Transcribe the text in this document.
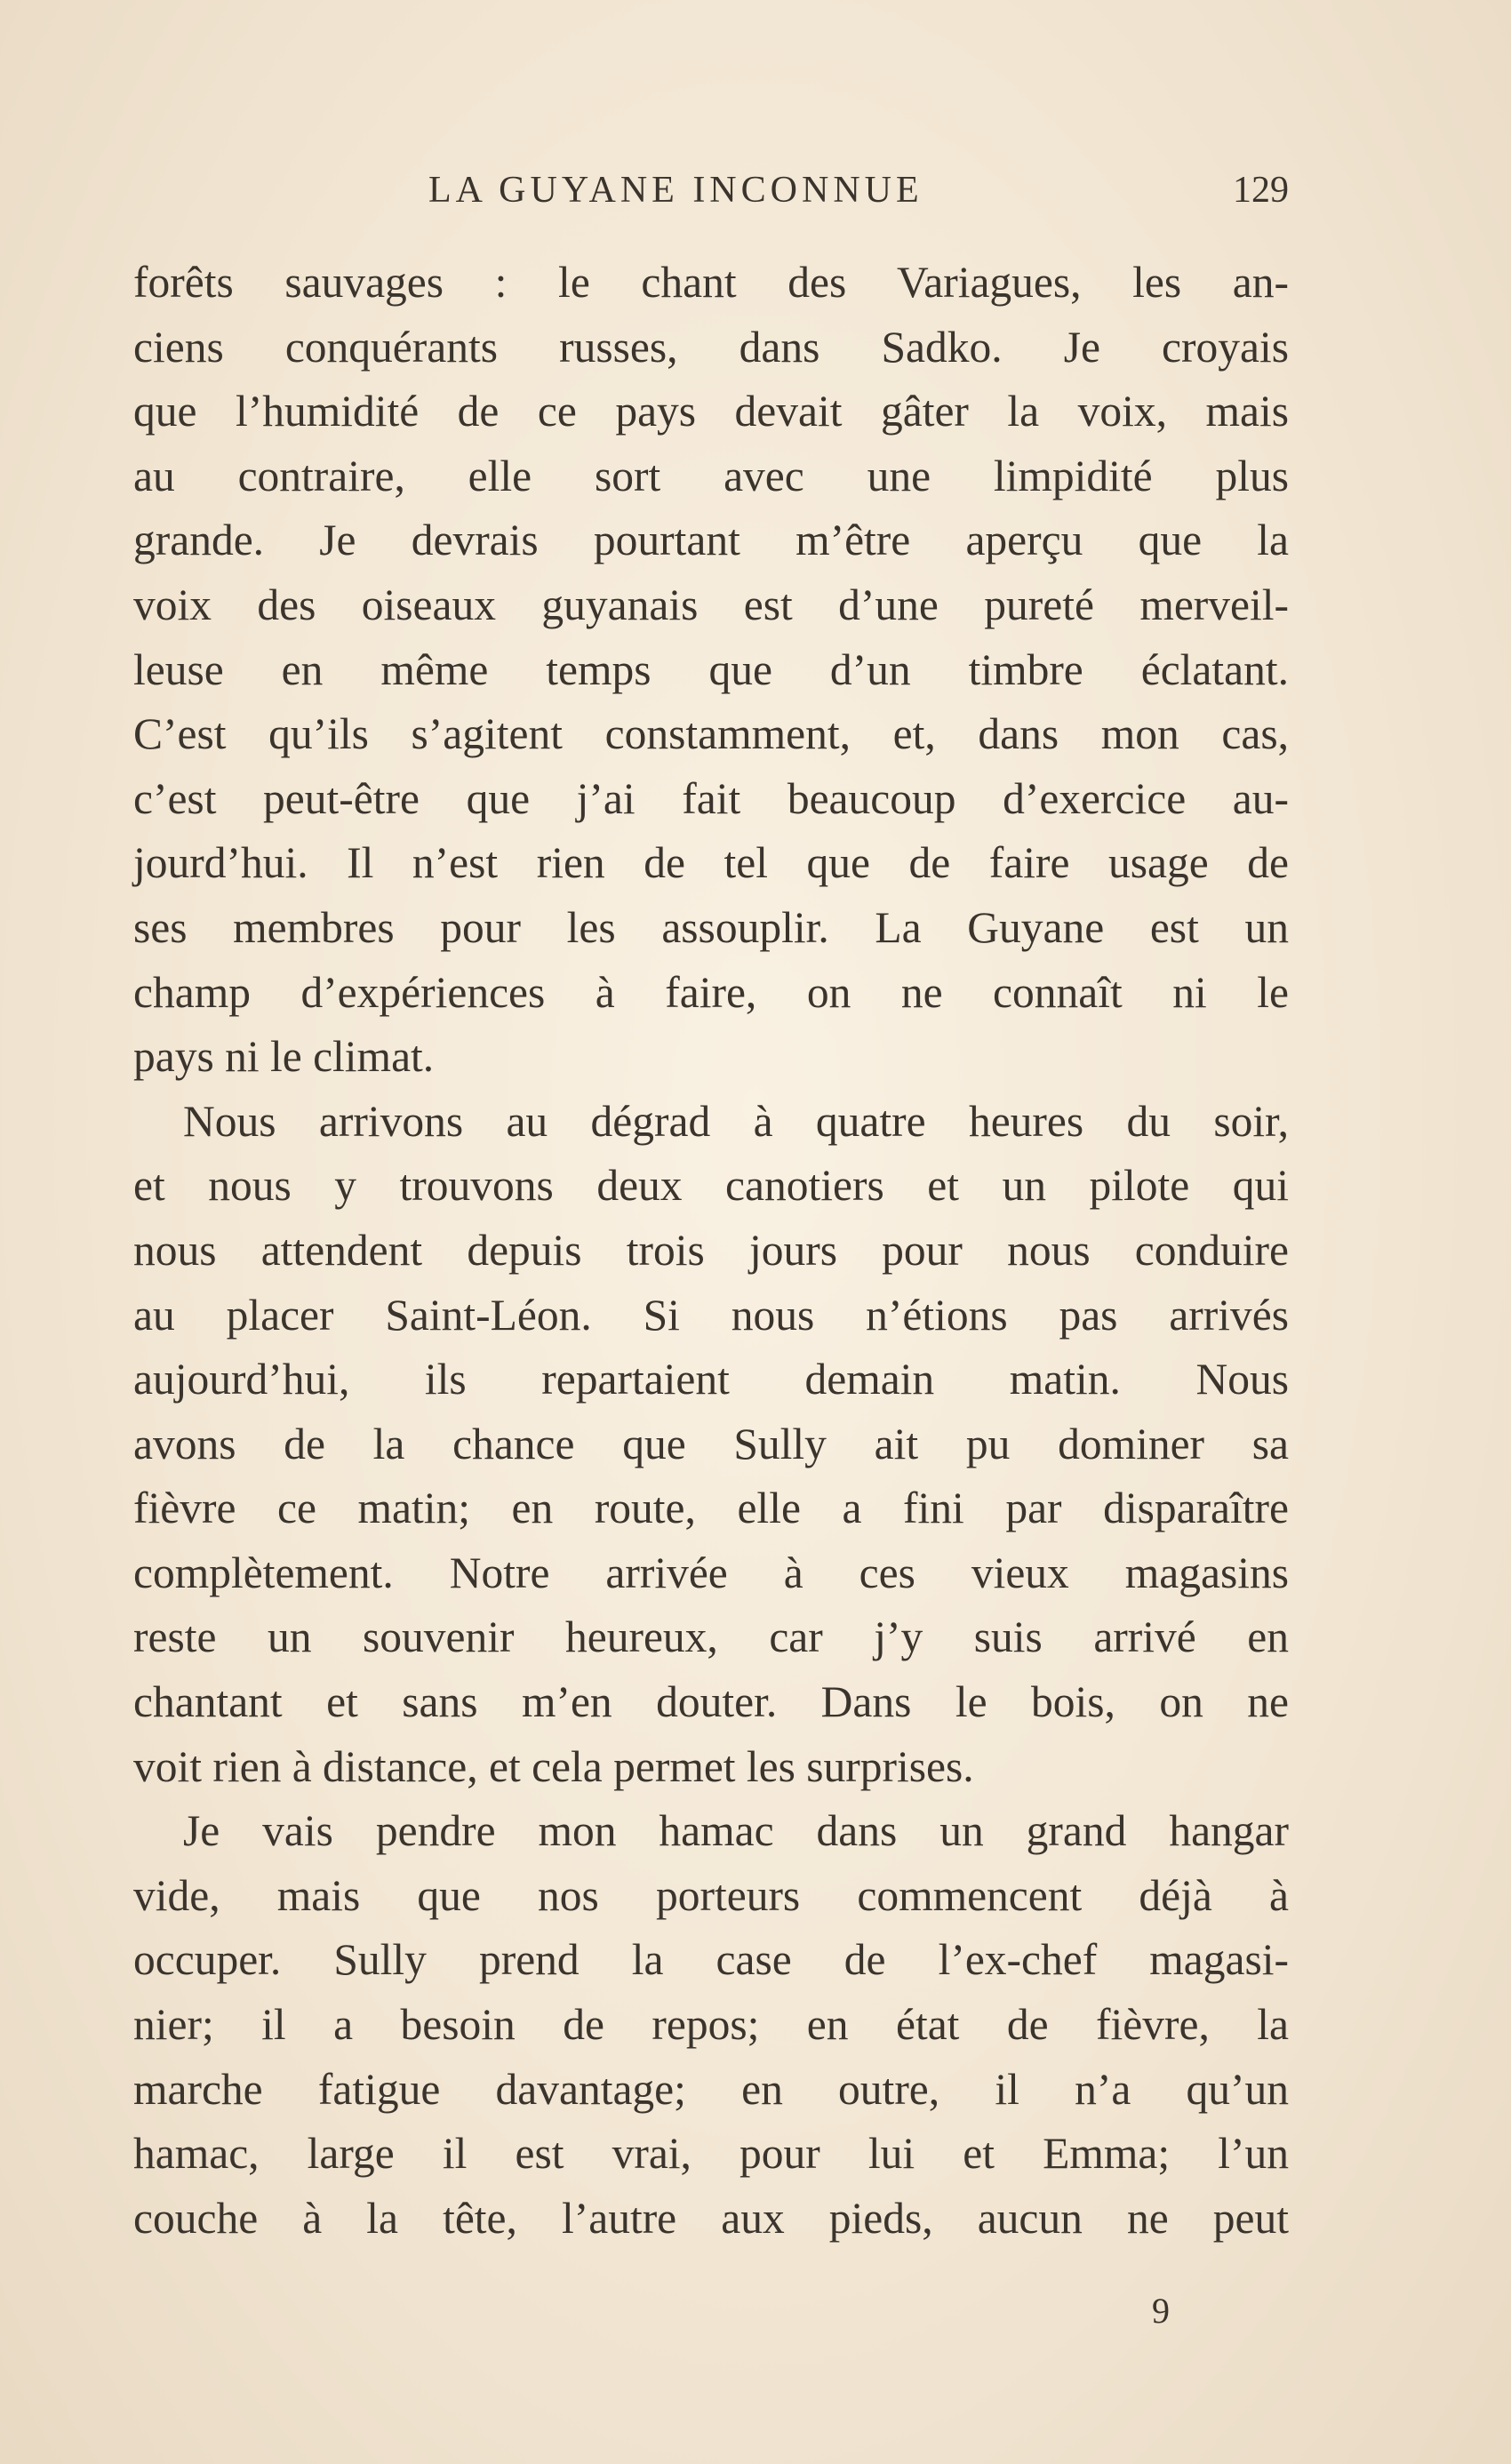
LA GUYANE INCONNUE	129

forêts sauvages : le chant des Variagues, les an-
ciens conquérants russes, dans Sadko. Je croyais
que l’humidité de ce pays devait gâter la voix, mais
au contraire, elle sort avec une limpidité plus
grande. Je devrais pourtant m’être aperçu que la
voix des oiseaux guyanais est d’une pureté merveil-
leuse en même temps que d’un timbre éclatant.
C’est qu’ils s’agitent constamment, et, dans mon cas,
c’est peut-être que j’ai fait beaucoup d’exercice au-
jourd’hui. Il n’est rien de tel que de faire usage de
ses membres pour les assouplir. La Guyane est un
champ d’expériences à faire, on ne connaît ni le
pays ni le climat.

Nous arrivons au dégrad à quatre heures du soir,
et nous y trouvons deux canotiers et un pilote qui
nous attendent depuis trois jours pour nous conduire
au placer Saint-Léon. Si nous n’étions pas arrivés
aujourd’hui, ils repartaient demain matin. Nous
avons de la chance que Sully ait pu dominer sa
fièvre ce matin; en route, elle a fini par disparaître
complètement. Notre arrivée à ces vieux magasins
reste un souvenir heureux, car j’y suis arrivé en
chantant et sans m’en douter. Dans le bois, on ne
voit rien à distance, et cela permet les surprises.

Je vais pendre mon hamac dans un grand hangar
vide, mais que nos porteurs commencent déjà à
occuper. Sully prend la case de l’ex-chef magasi-
nier; il a besoin de repos; en état de fièvre, la
marche fatigue davantage; en outre, il n’a qu’un
hamac, large il est vrai, pour lui et Emma; l’un
couche à la tête, l’autre aux pieds, aucun ne peut

9
